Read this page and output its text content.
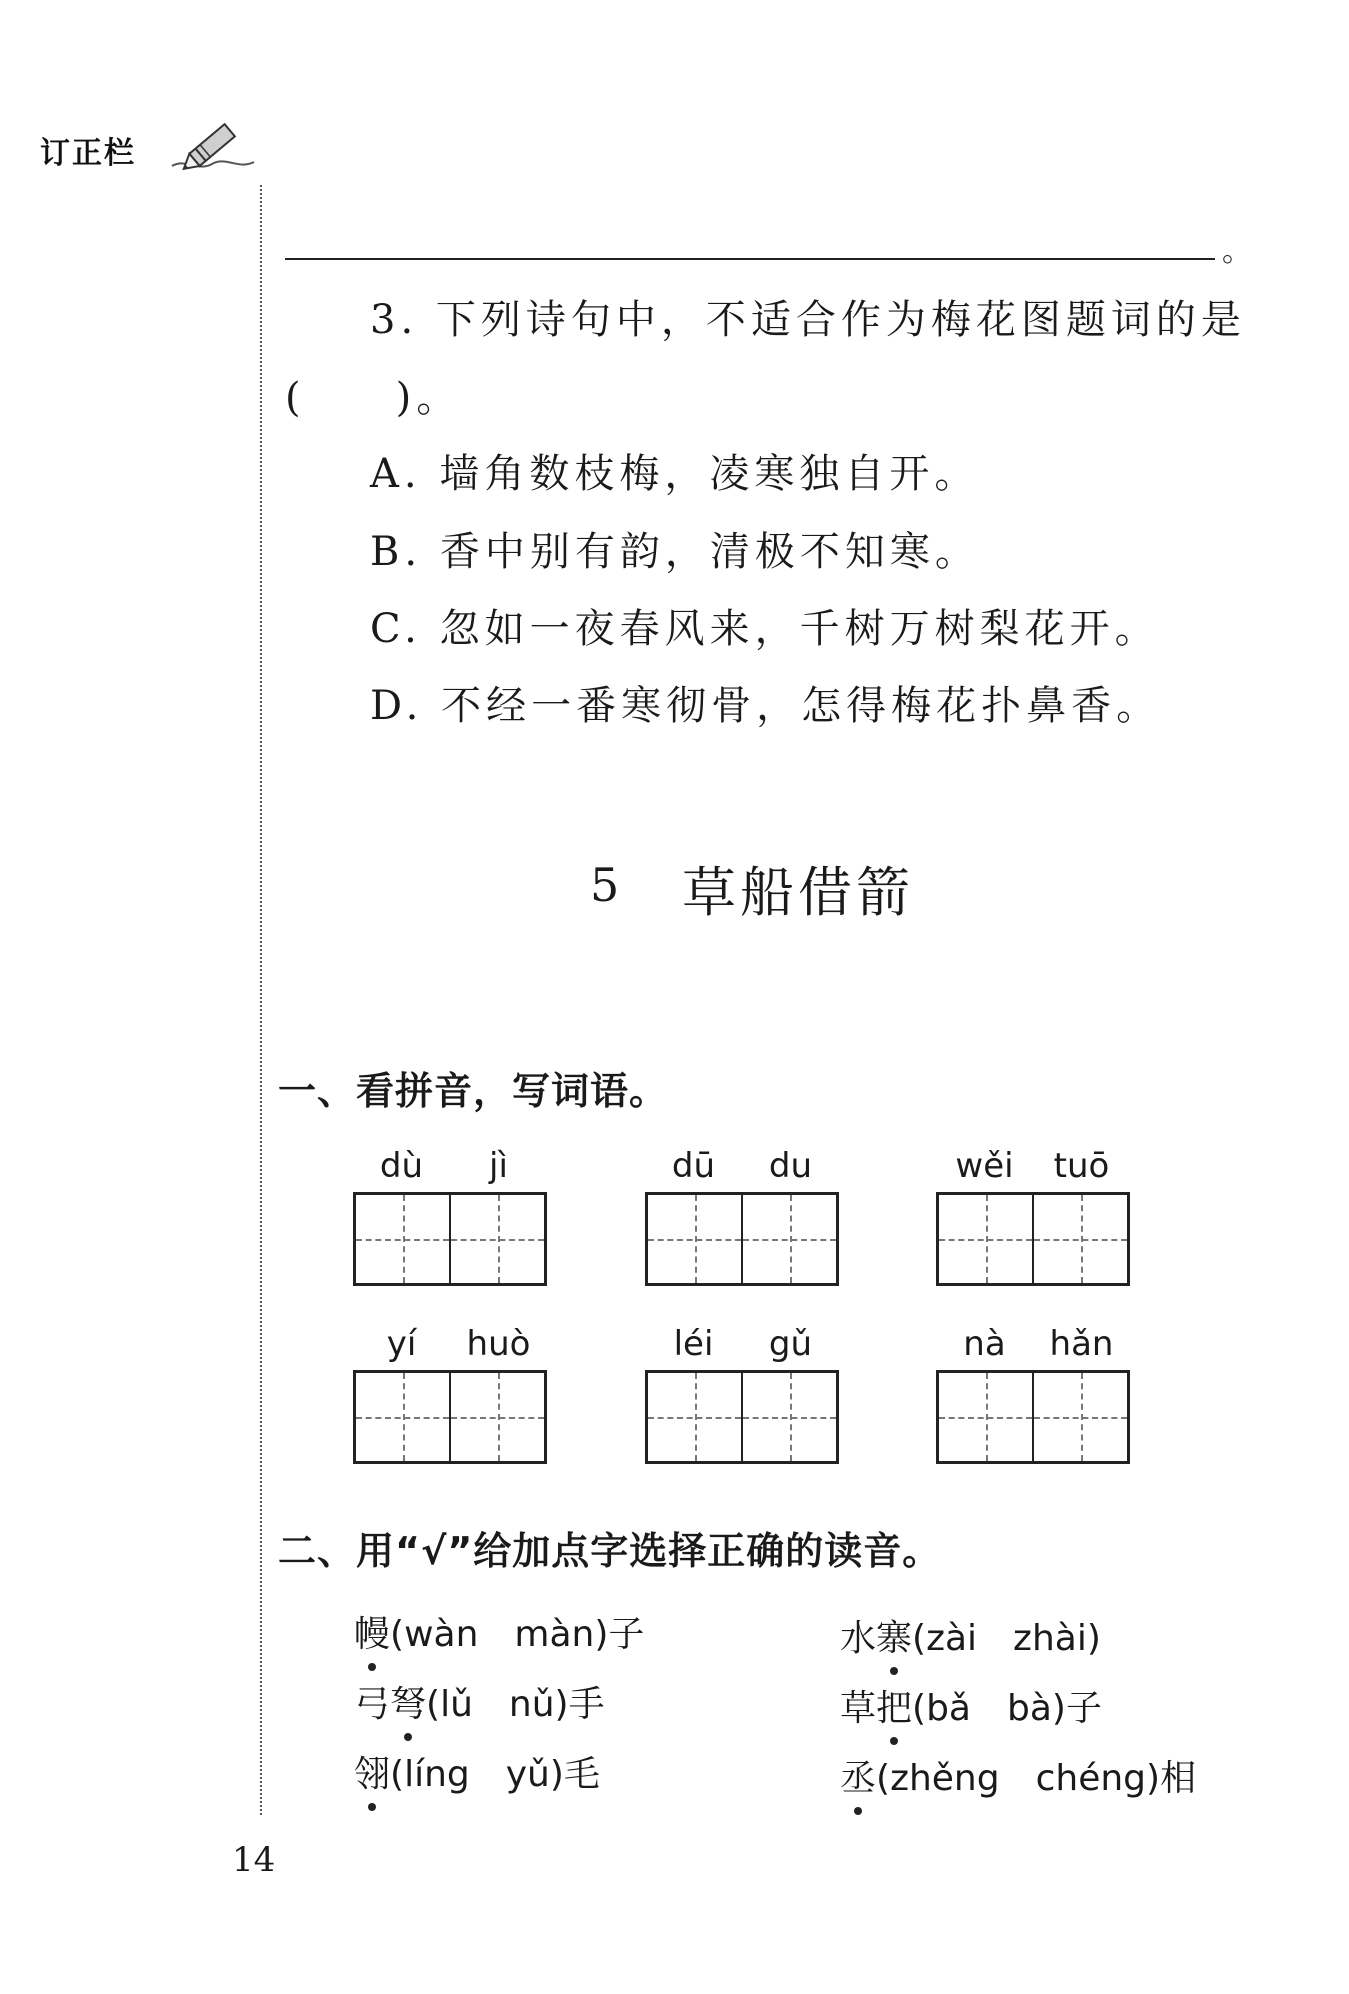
订正栏
。
3. 下列诗句中，不适合作为梅花图题词的是
(　　)。
A. 墙角数枝梅，凌寒独自开。
B. 香中别有韵，清极不知寒。
C. 忽如一夜春风来，千树万树梨花开。
D. 不经一番寒彻骨，怎得梅花扑鼻香。
5 草船借箭
一、看拼音，写词语。
dù	jì	dū	du	wěi	tuō
yí	huò	léi	gǔ	nà	hǎn
二、用“√”给加点字选择正确的读音。
幔(wàn màn)子	水寨(zài zhài)
弓弩(lǔ nǔ)手	草把(bǎ bà)子
翎(líng yǔ)毛	丞(zhěng chéng)相
14
